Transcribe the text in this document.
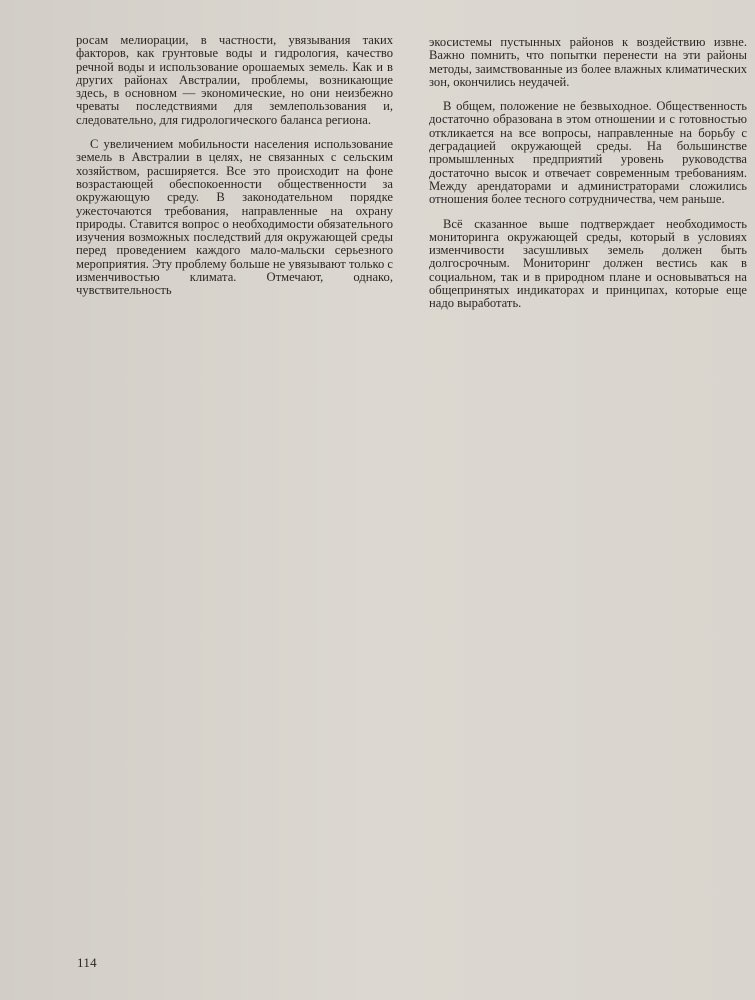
росам мелиорации, в частности, увязывания таких факторов, как грунтовые воды и гидрология, качество речной воды и использование орошаемых земель. Как и в других районах Австралии, проблемы, возникающие здесь, в основном — экономические, но они неизбежно чреваты последствиями для землепользования и, следовательно, для гидрологического баланса региона.

С увеличением мобильности населения использование земель в Австралии в целях, не связанных с сельским хозяйством, расширяется. Все это происходит на фоне возрастающей обеспокоенности общественности за окружающую среду. В законодательном порядке ужесточаются требования, направленные на охрану природы. Ставится вопрос о необходимости обязательного изучения возможных последствий для окружающей среды перед проведением каждого мало-мальски серьезного мероприятия. Эту проблему больше не увязывают только с изменчивостью климата. Отмечают, однако, чувствительность

экосистемы пустынных районов к воздействию извне. Важно помнить, что попытки перенести на эти районы методы, заимствованные из более влажных климатических зон, окончились неудачей.

В общем, положение не безвыходное. Общественность достаточно образована в этом отношении и с готовностью откликается на все вопросы, направленные на борьбу с деградацией окружающей среды. На большинстве промышленных предприятий уровень руководства достаточно высок и отвечает современным требованиям. Между арендаторами и администраторами сложились отношения более тесного сотрудничества, чем раньше.

Всё сказанное выше подтверждает необходимость мониторинга окружающей среды, который в условиях изменчивости засушливых земель должен быть долгосрочным. Мониторинг должен вестись как в социальном, так и в природном плане и основываться на общепринятых индикаторах и принципах, которые еще надо выработать.

114
